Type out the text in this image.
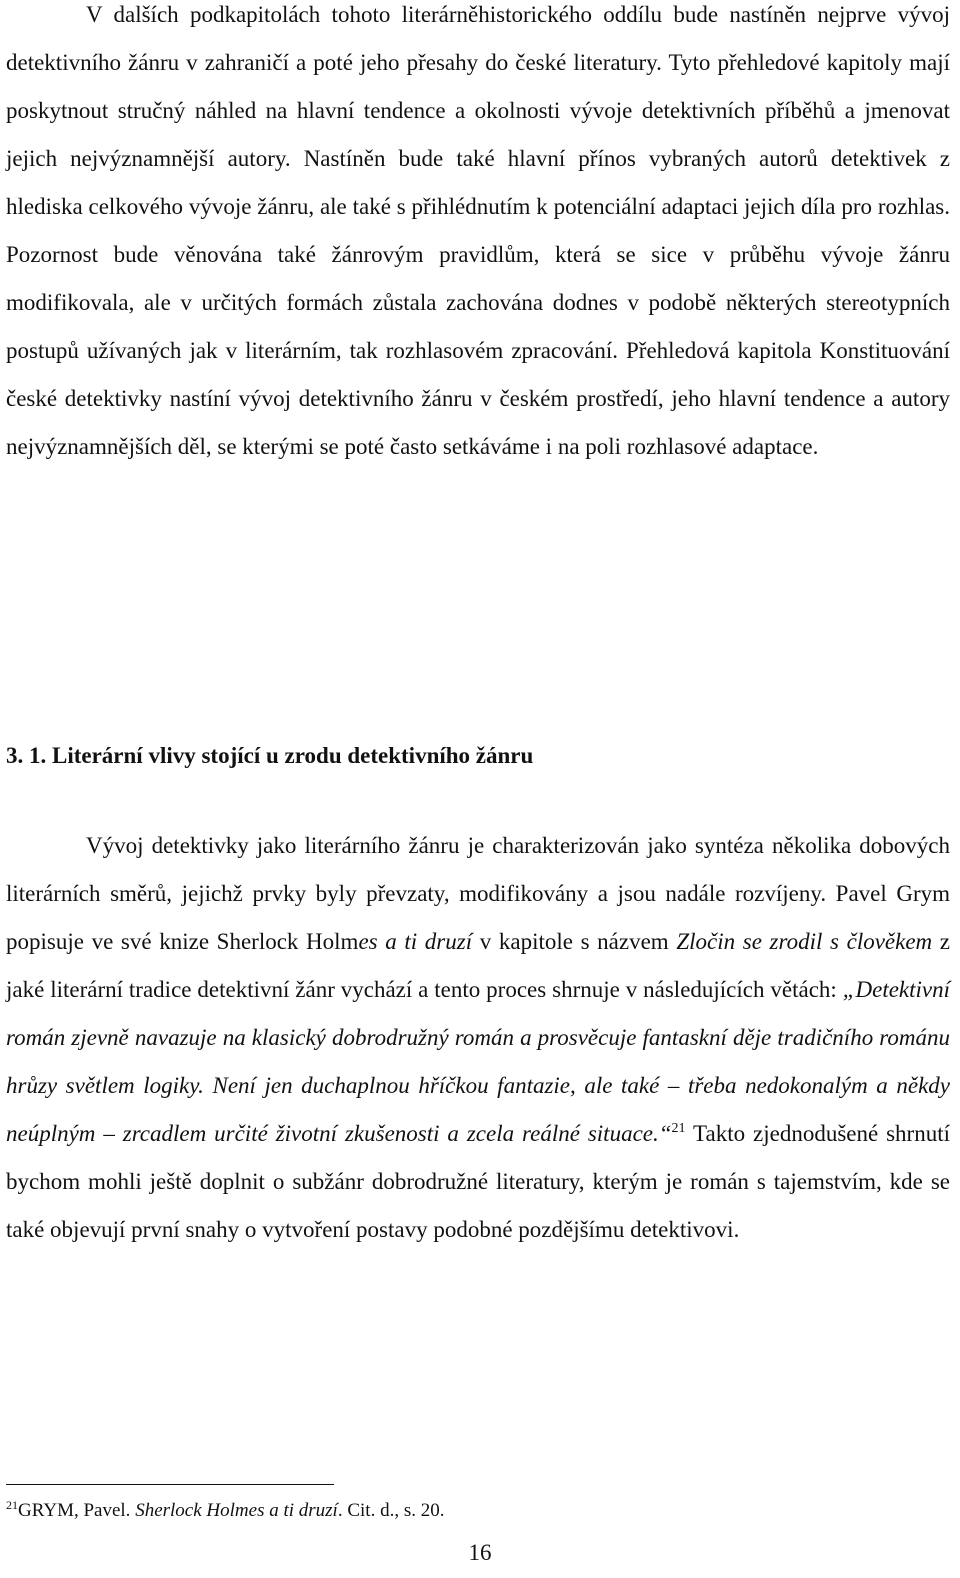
V dalších podkapitolách tohoto literárněhistorického oddílu bude nastíněn nejprve vývoj detektivního žánru v zahraničí a poté jeho přesahy do české literatury. Tyto přehledové kapitoly mají poskytnout stručný náhled na hlavní tendence a okolnosti vývoje detektivních příběhů a jmenovat jejich nejvýznamnější autory. Nastíněn bude také hlavní přínos vybraných autorů detektivek z hlediska celkového vývoje žánru, ale také s přihlédnutím k potenciální adaptaci jejich díla pro rozhlas. Pozornost bude věnována také žánrovým pravidlům, která se sice v průběhu vývoje žánru modifikovala, ale v určitých formách zůstala zachována dodnes v podobě některých stereotypních postupů užívaných jak v literárním, tak rozhlasovém zpracování. Přehledová kapitola Konstituování české detektivky nastíní vývoj detektivního žánru v českém prostředí, jeho hlavní tendence a autory nejvýznamnějších děl, se kterými se poté často setkáváme i na poli rozhlasové adaptace.

3. 1. Literární vlivy stojící u zrodu detektivního žánru

Vývoj detektivky jako literárního žánru je charakterizován jako syntéza několika dobových literárních směrů, jejichž prvky byly převzaty, modifikovány a jsou nadále rozvíjeny. Pavel Grym popisuje ve své knize Sherlock Holmes a ti druzí v kapitole s názvem Zločin se zrodil s člověkem z jaké literární tradice detektivní žánr vychází a tento proces shrnuje v následujících větách: „Detektivní román zjevně navazuje na klasický dobrodružný román a prosvěcuje fantaskní děje tradičního románu hrůzy světlem logiky. Není jen duchaplnou hříčkou fantazie, ale také – třeba nedokonalým a někdy neúplným – zrcadlem určité životní zkušenosti a zcela reálné situace.“$^{21}$ Takto zjednodušené shrnutí bychom mohli ještě doplnit o subžánr dobrodružné literatury, kterým je román s tajemstvím, kde se také objevují první snahy o vytvoření postavy podobné pozdějšímu detektivovi.

$^{21}$GRYM, Pavel. Sherlock Holmes a ti druzí. Cit. d., s. 20.

16
